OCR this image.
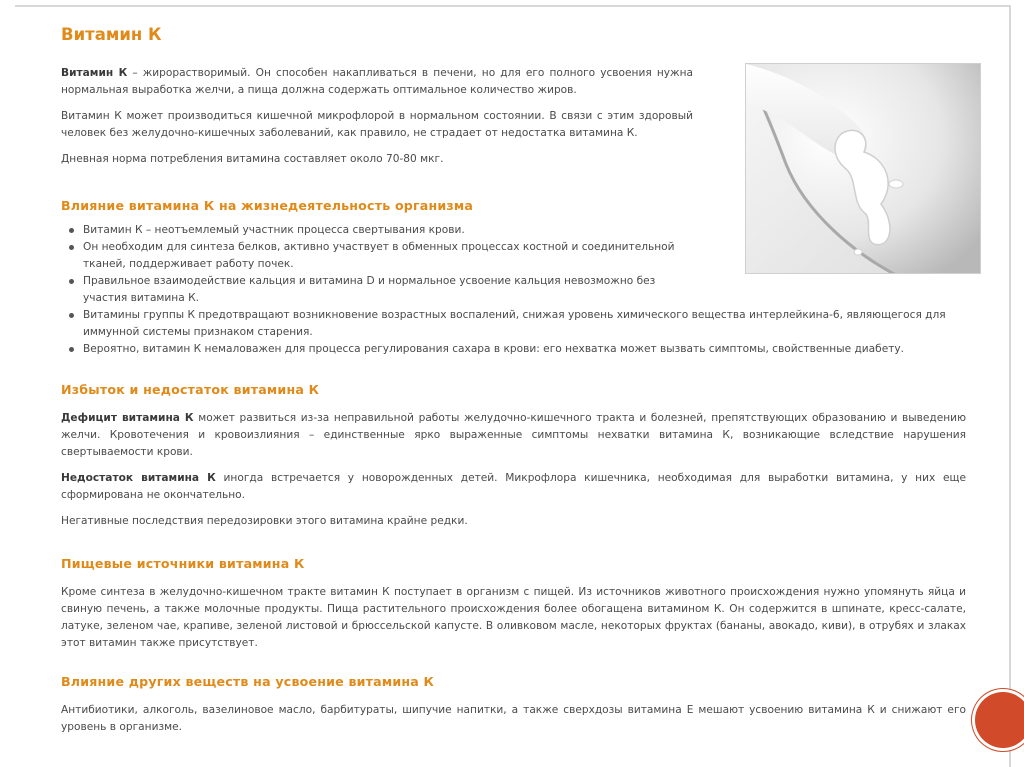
Витамин К

Витамин К – жирорастворимый. Он способен накапливаться в печени, но для его полного усвоения нужна нормальная выработка желчи, а пища должна содержать оптимальное количество жиров.

Витамин К может производиться кишечной микрофлорой в нормальном состоянии. В связи с этим здоровый человек без желудочно-кишечных заболеваний, как правило, не страдает от недостатка витамина К.

Дневная норма потребления витамина составляет около 70-80 мкг.

Влияние витамина К на жизнедеятельность организма
Витамин К – неотъемлемый участник процесса свертывания крови.
Он необходим для синтеза белков, активно участвует в обменных процессах костной и соединительной тканей, поддерживает работу почек.
Правильное взаимодействие кальция и витамина D и нормальное усвоение кальция невозможно без участия витамина К.
Витамины группы К предотвращают возникновение возрастных воспалений, снижая уровень химического вещества интерлейкина-6, являющегося для иммунной системы признаком старения.
Вероятно, витамин К немаловажен для процесса регулирования сахара в крови: его нехватка может вызвать симптомы, свойственные диабету.
Избыток и недостаток витамина К

Дефицит витамина К может развиться из-за неправильной работы желудочно-кишечного тракта и болезней, препятствующих образованию и выведению желчи. Кровотечения и кровоизлияния – единственные ярко выраженные симптомы нехватки витамина К, возникающие вследствие нарушения свертываемости крови.

Недостаток витамина К иногда встречается у новорожденных детей. Микрофлора кишечника, необходимая для выработки витамина, у них еще сформирована не окончательно.

Негативные последствия передозировки этого витамина крайне редки.

Пищевые источники витамина К

Кроме синтеза в желудочно-кишечном тракте витамин К поступает в организм с пищей. Из источников животного происхождения нужно упомянуть яйца и свиную печень, а также молочные продукты. Пища растительного происхождения более обогащена витамином К. Он содержится в шпинате, кресс-салате, латуке, зеленом чае, крапиве, зеленой листовой и брюссельской капусте. В оливковом масле, некоторых фруктах (бананы, авокадо, киви), в отрубях и злаках этот витамин также присутствует.

Влияние других веществ на усвоение витамина К

Антибиотики, алкоголь, вазелиновое масло, барбитураты, шипучие напитки, а также сверхдозы витамина Е мешают усвоению витамина К и снижают его уровень в организме.
